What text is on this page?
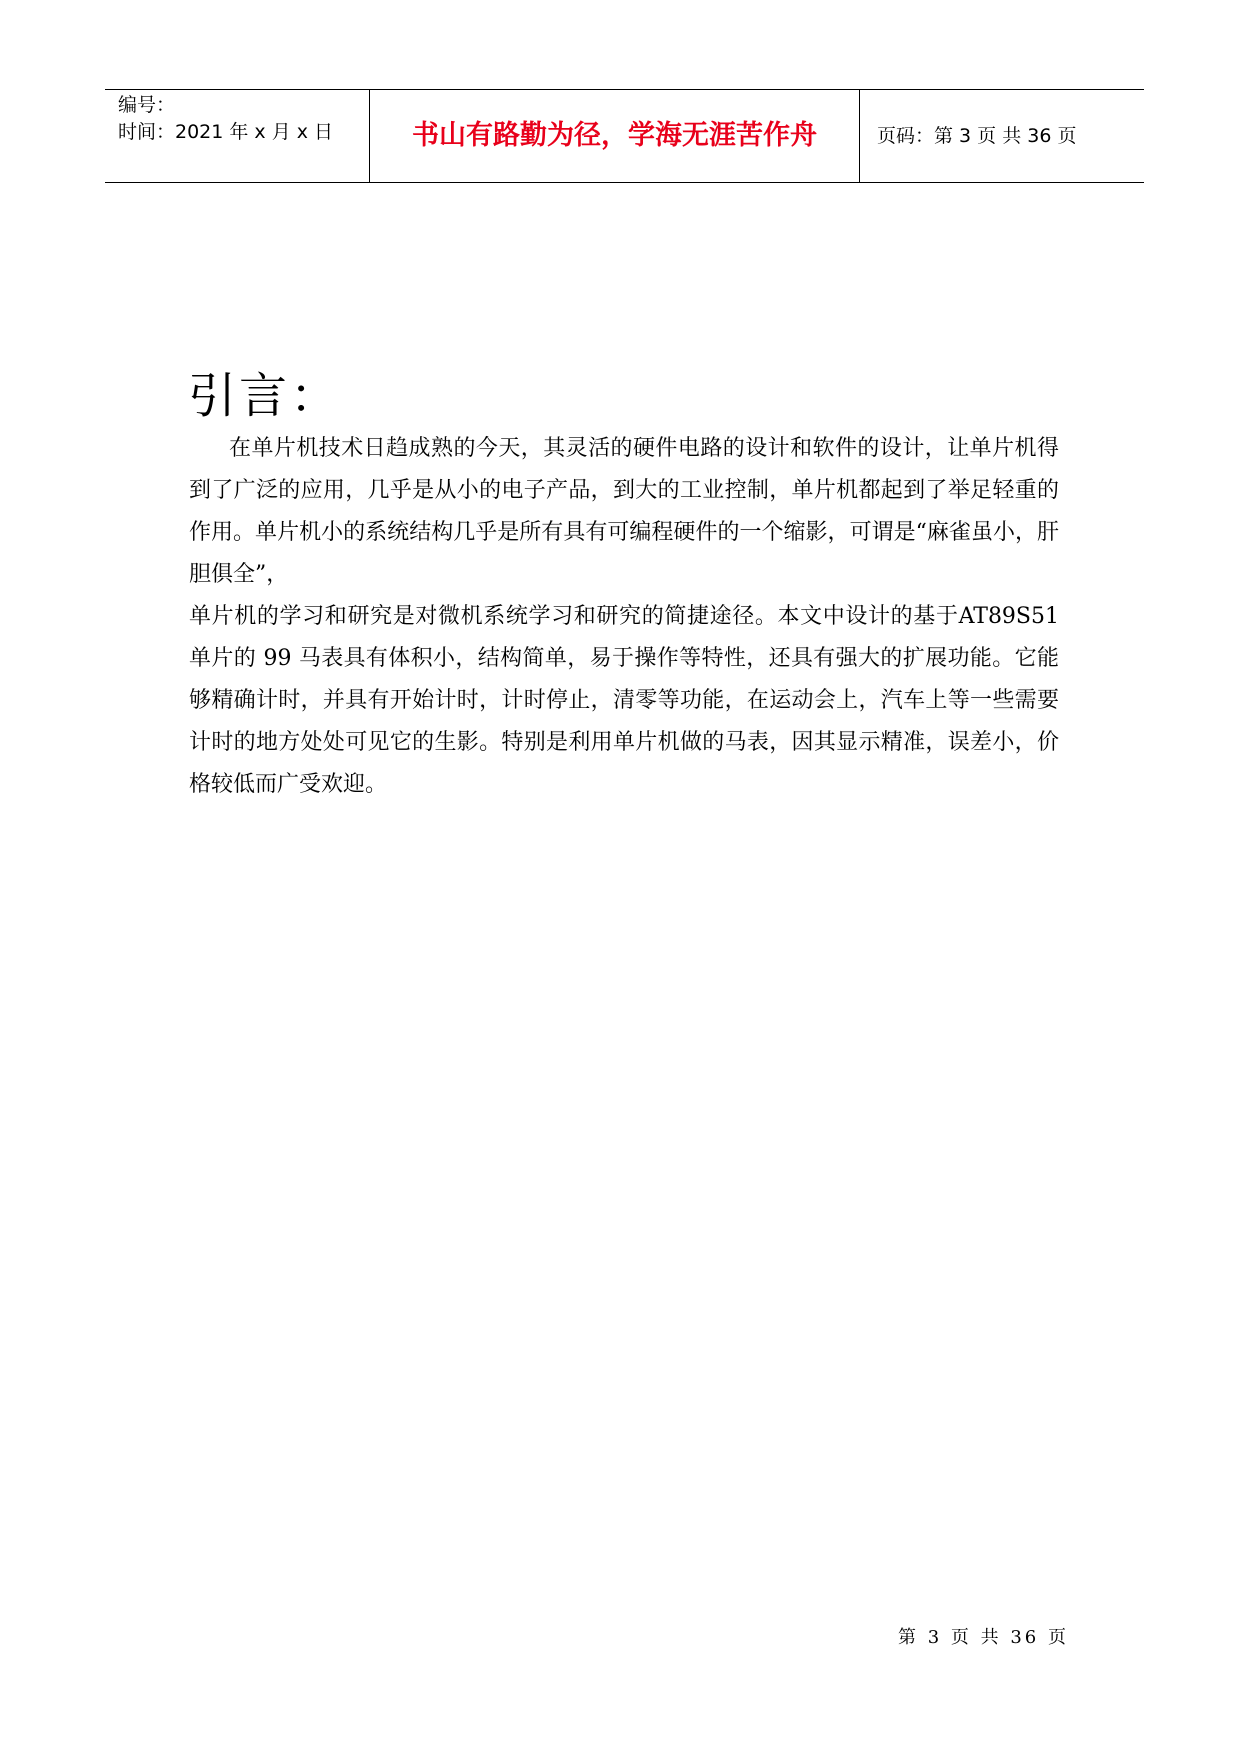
编号：
时间：2021 年 x 月 x 日	书山有路勤为径，学海无涯苦作舟	页码：第 3 页 共 36 页
引言：

在单片机技术日趋成熟的今天，其灵活的硬件电路的设计和软件的设计，让单片机得到了广泛的应用，几乎是从小的电子产品，到大的工业控制，单片机都起到了举足轻重的作用。单片机小的系统结构几乎是所有具有可编程硬件的一个缩影，可谓是“麻雀虽小，肝胆俱全”，

单片机的学习和研究是对微机系统学习和研究的简捷途径。本文中设计的基于AT89S51 单片的 99 马表具有体积小，结构简单，易于操作等特性，还具有强大的扩展功能。它能够精确计时，并具有开始计时，计时停止，清零等功能，在运动会上，汽车上等一些需要计时的地方处处可见它的生影。特别是利用单片机做的马表，因其显示精准，误差小，价格较低而广受欢迎。

第 3 页 共 36 页
